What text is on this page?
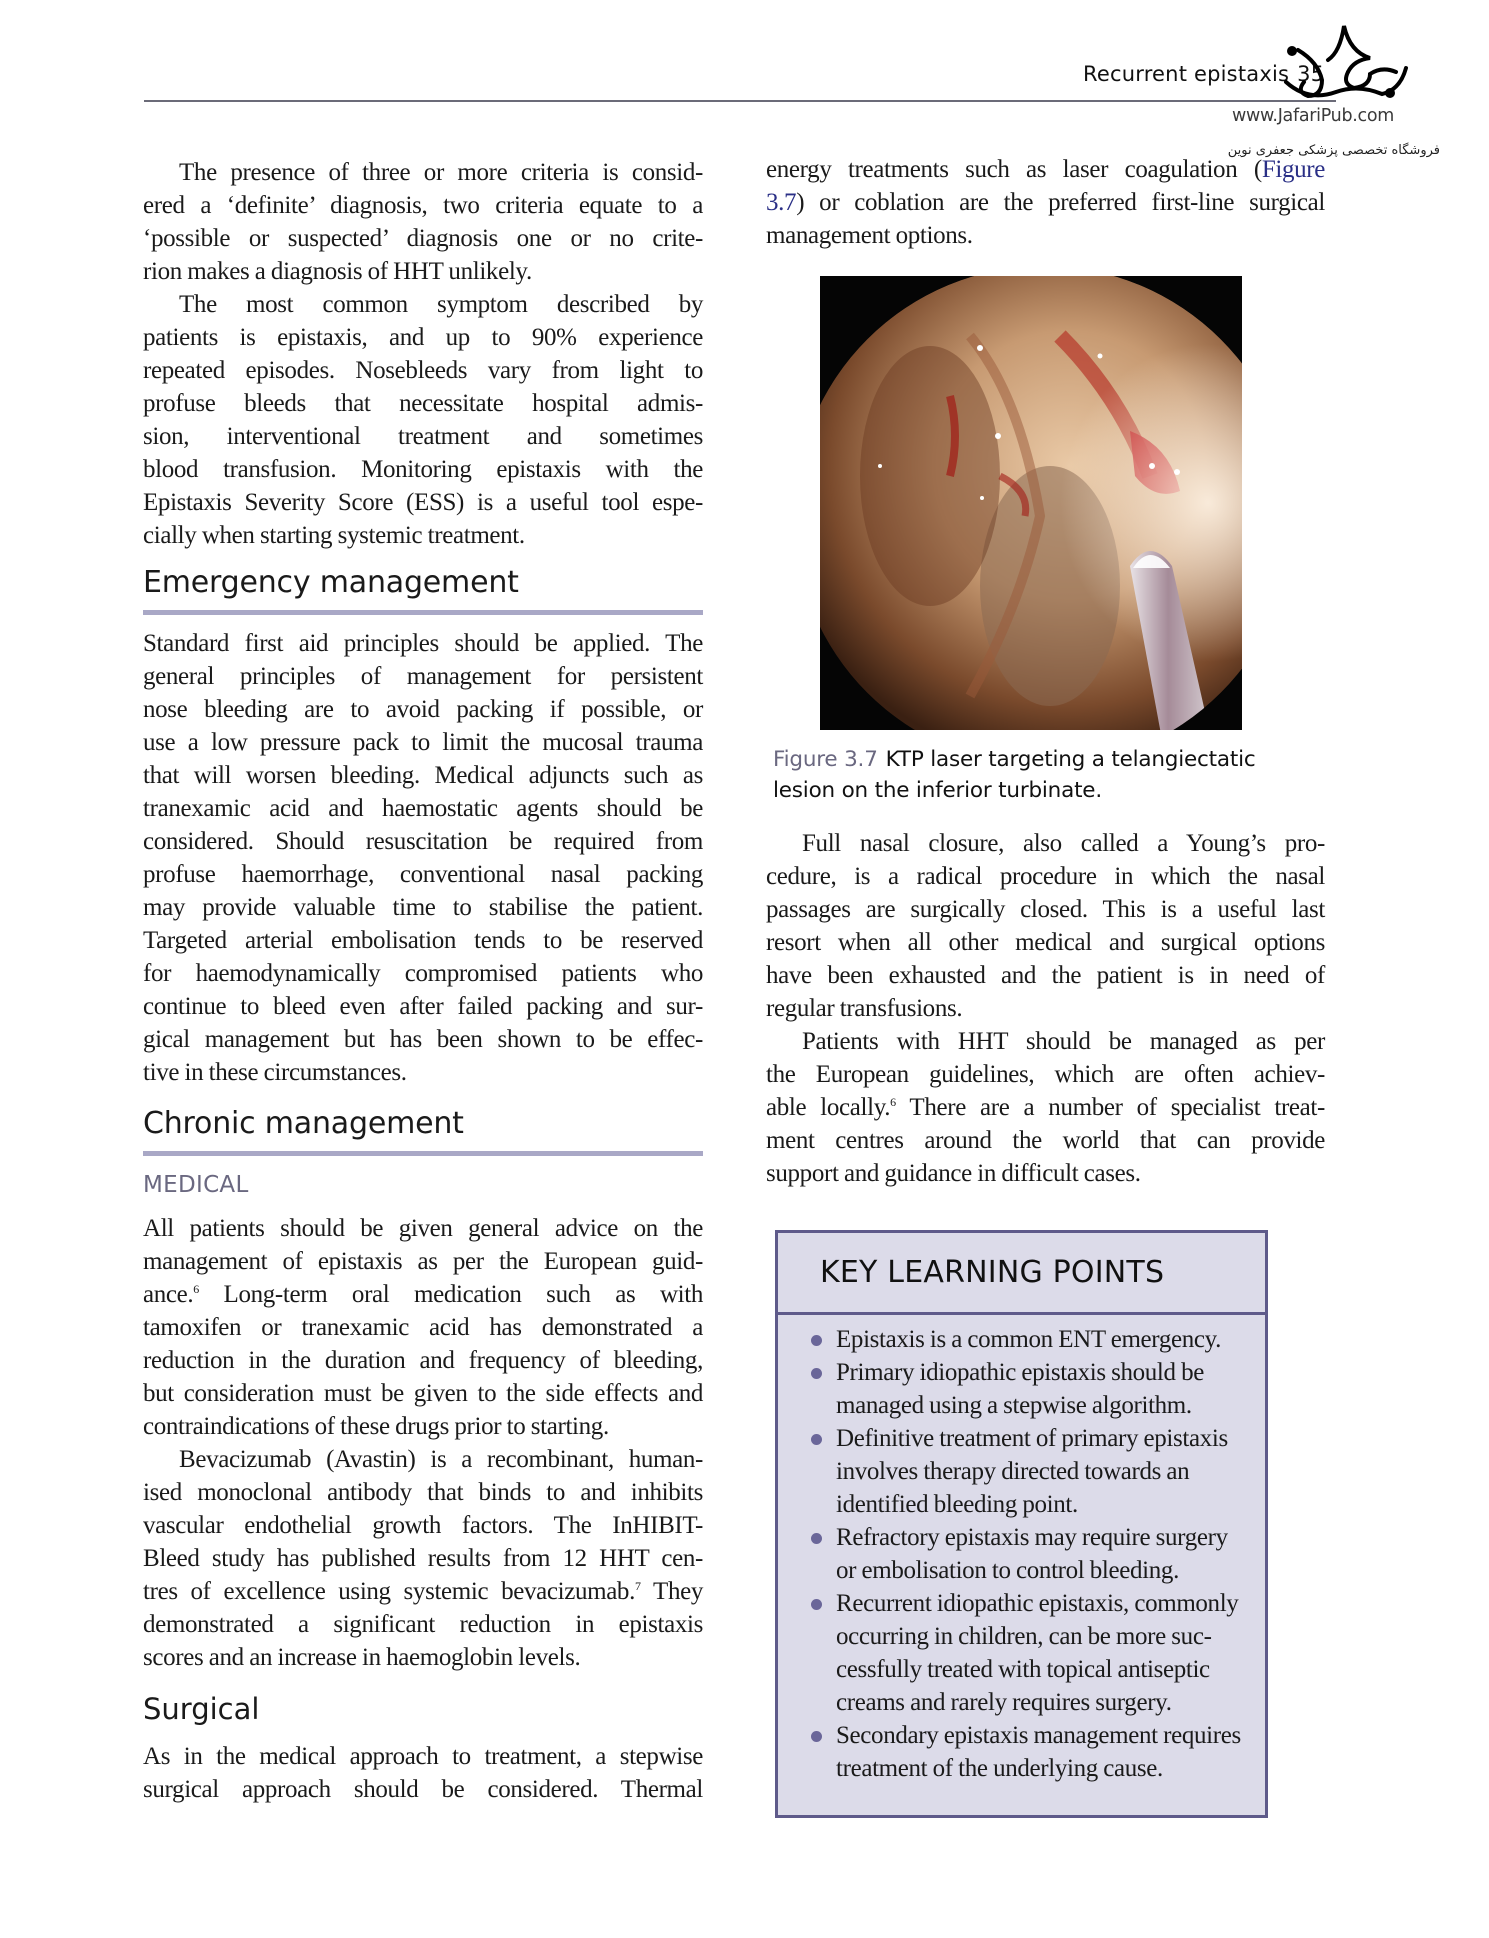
Recurrent epistaxis 35
www.JafariPub.com
فروشگاه تخصصی پزشکی جعفری نوین
The presence of three or more criteria is consid-
ered a ‘definite’ diagnosis, two criteria equate to a
‘possible or suspected’ diagnosis one or no crite-
rion makes a diagnosis of HHT unlikely.
The most common symptom described by
patients is epistaxis, and up to 90% experience
repeated episodes. Nosebleeds vary from light to
profuse bleeds that necessitate hospital admis-
sion, interventional treatment and sometimes
blood transfusion. Monitoring epistaxis with the
Epistaxis Severity Score (ESS) is a useful tool espe-
cially when starting systemic treatment.
Emergency management
Standard first aid principles should be applied. The
general principles of management for persistent
nose bleeding are to avoid packing if possible, or
use a low pressure pack to limit the mucosal trauma
that will worsen bleeding. Medical adjuncts such as
tranexamic acid and haemostatic agents should be
considered. Should resuscitation be required from
profuse haemorrhage, conventional nasal packing
may provide valuable time to stabilise the patient.
Targeted arterial embolisation tends to be reserved
for haemodynamically compromised patients who
continue to bleed even after failed packing and sur-
gical management but has been shown to be effec-
tive in these circumstances.
Chronic management
MEDICAL
All patients should be given general advice on the
management of epistaxis as per the European guid-
ance.$^6$ Long-term oral medication such as with
tamoxifen or tranexamic acid has demonstrated a
reduction in the duration and frequency of bleeding,
but consideration must be given to the side effects and
contraindications of these drugs prior to starting.
Bevacizumab (Avastin) is a recombinant, human-
ised monoclonal antibody that binds to and inhibits
vascular endothelial growth factors. The InHIBIT-
Bleed study has published results from 12 HHT cen-
tres of excellence using systemic bevacizumab.$^7$ They
demonstrated a significant reduction in epistaxis
scores and an increase in haemoglobin levels.
Surgical
As in the medical approach to treatment, a stepwise
surgical approach should be considered. Thermal
energy treatments such as laser coagulation (Figure
3.7) or coblation are the preferred first-line surgical
management options.
Figure 3.7 KTP laser targeting a telangiectatic
lesion on the inferior turbinate.
Full nasal closure, also called a Young’s pro-
cedure, is a radical procedure in which the nasal
passages are surgically closed. This is a useful last
resort when all other medical and surgical options
have been exhausted and the patient is in need of
regular transfusions.
Patients with HHT should be managed as per
the European guidelines, which are often achiev-
able locally.$^6$ There are a number of specialist treat-
ment centres around the world that can provide
support and guidance in difficult cases.
KEY LEARNING POINTS
Epistaxis is a common ENT emergency.
Primary idiopathic epistaxis should be
managed using a stepwise algorithm.
Definitive treatment of primary epistaxis
involves therapy directed towards an
identified bleeding point.
Refractory epistaxis may require surgery
or embolisation to control bleeding.
Recurrent idiopathic epistaxis, commonly
occurring in children, can be more suc-
cessfully treated with topical antiseptic
creams and rarely requires surgery.
Secondary epistaxis management requires
treatment of the underlying cause.
